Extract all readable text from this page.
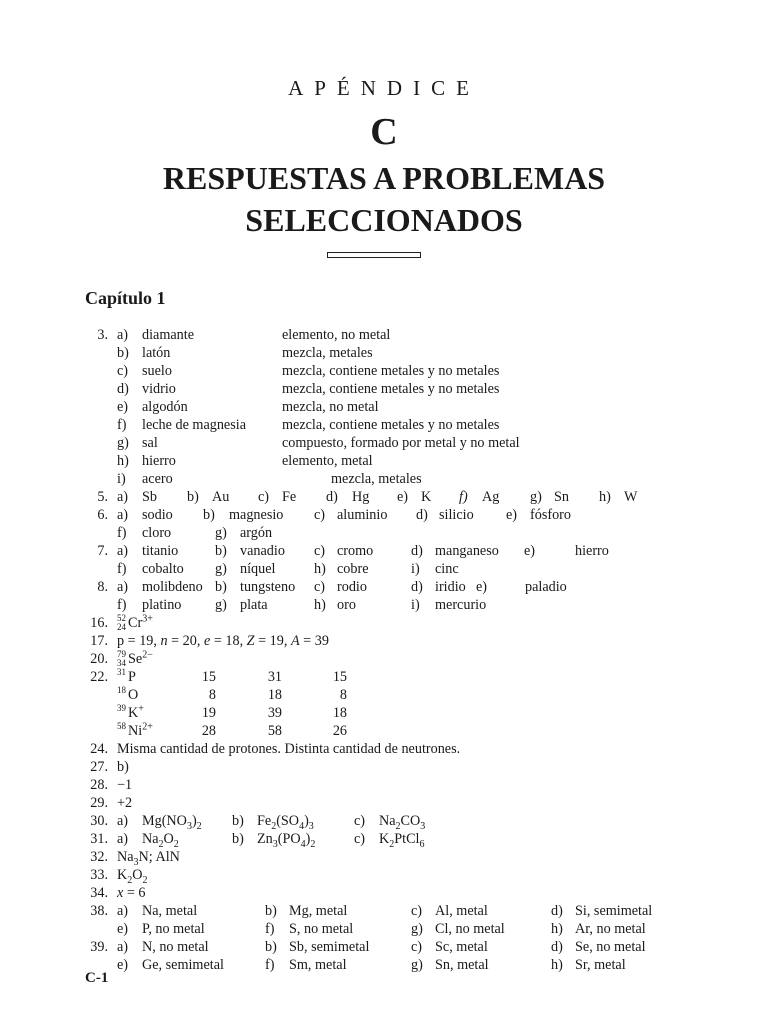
APÉNDICE
C
RESPUESTAS A PROBLEMAS
SELECCIONADOS
Capítulo 1
3. a) diamante	elemento, no metal
b) latón	mezcla, metales
c) suelo	mezcla, contiene metales y no metales
d) vidrio	mezcla, contiene metales y no metales
e) algodón	mezcla, no metal
f) leche de magnesia	mezcla, contiene metales y no metales
g) sal	compuesto, formado por metal y no metal
h) hierro	elemento, metal
i) acero	mezcla, metales
5. a) Sb b) Au c) Fe d) Hg e) K f) Ag g) Sn h) W
6. a) sodio b) magnesio c) aluminio d) silicio e) fósforo
f) cloro	g) argón
7. a) titanio	b) vanadio c) cromo	d) manganeso e)	hierro
f) cobalto g) níquel	h) cobre	i) cinc
8. a) molibdeno b) tungsteno c) rodio	d) iridio e)	paladio
f) platino g) plata	h) oro	i) mercurio
16. 52
24 $Cr^{3+}$
17. p = 19, n = 20, e = 18, Z = 19, A = 39
20. 79
34 $Se^{2-}$
22. 31 P	15	31	15
18 O	8	18	8
39 K+	19	39	18
58 $Ni^{2+}$	28	58	26
24. Misma cantidad de protones. Distinta cantidad de neutrones.
27. b)
28. −1
29. +2
30. a) $Mg(NO_3)_2$ b) $Fe_2(SO_4)_3$	c) $Na_2CO_3$
31. a) $Na_2O_2$	b) $Zn_3(PO_4)_2$	c) $K_2PtCl_6$
32. $Na_3N$; AlN
33. $K_2O_2$
34. x = 6
38. a) Na, metal	b) Mg, metal	c) Al, metal	d) Si, semimetal
e) P, no metal	f) S, no metal	g) Cl, no metal	h) Ar, no metal
39. a) N, no metal	b) Sb, semimetal	c) Sc, metal	d) Se, no metal
e) Ge, semimetal	f) Sm, metal	g) Sn, metal	h) Sr, metal
C-1
